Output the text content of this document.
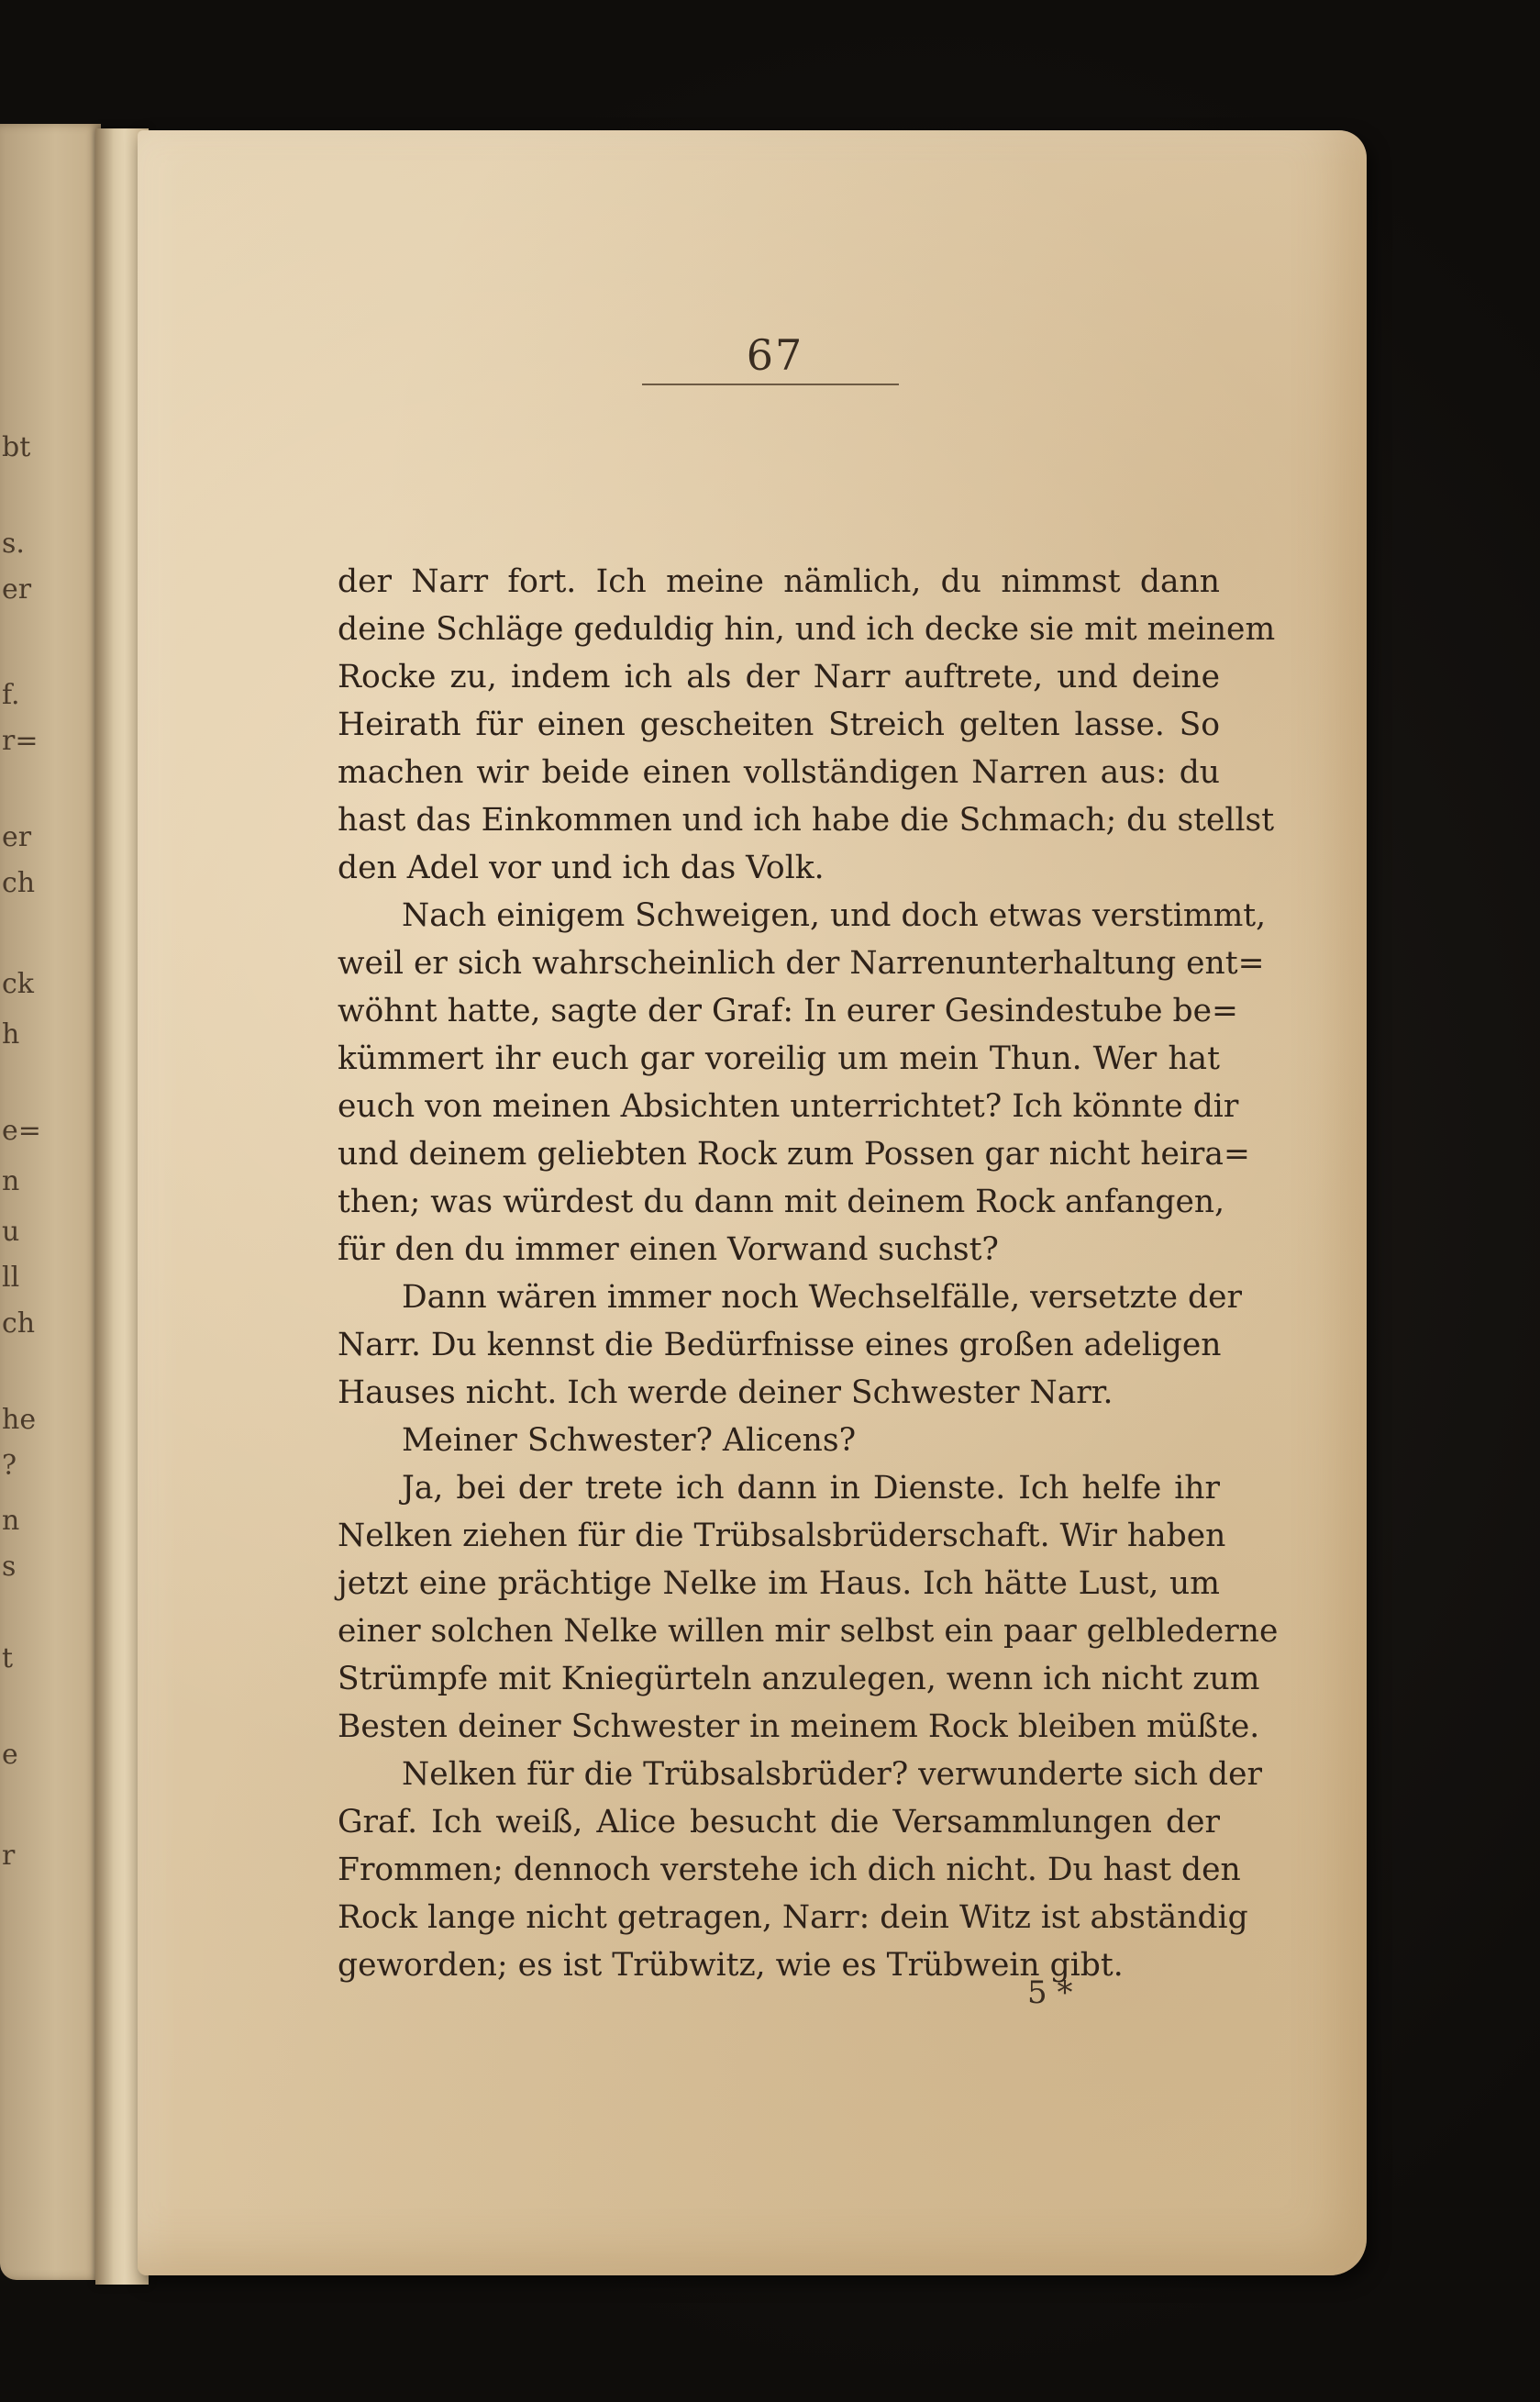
bt
s.
er
f.
r=
er
ch
ck
h
e=
n
u
ll
ch
he
?
n
s
t
e
r
67
der Narr fort. Ich meine nämlich, du nimmst dann
deine Schläge geduldig hin, und ich decke sie mit meinem
Rocke zu, indem ich als der Narr auftrete, und deine
Heirath für einen gescheiten Streich gelten lasse. So
machen wir beide einen vollständigen Narren aus: du
hast das Einkommen und ich habe die Schmach; du stellst
den Adel vor und ich das Volk.
Nach einigem Schweigen, und doch etwas verstimmt,
weil er sich wahrscheinlich der Narrenunterhaltung ent=
wöhnt hatte, sagte der Graf: In eurer Gesindestube be=
kümmert ihr euch gar voreilig um mein Thun. Wer hat
euch von meinen Absichten unterrichtet? Ich könnte dir
und deinem geliebten Rock zum Possen gar nicht heira=
then; was würdest du dann mit deinem Rock anfangen,
für den du immer einen Vorwand suchst?
Dann wären immer noch Wechselfälle, versetzte der
Narr. Du kennst die Bedürfnisse eines großen adeligen
Hauses nicht. Ich werde deiner Schwester Narr.
Meiner Schwester? Alicens?
Ja, bei der trete ich dann in Dienste. Ich helfe ihr
Nelken ziehen für die Trübsalsbrüderschaft. Wir haben
jetzt eine prächtige Nelke im Haus. Ich hätte Lust, um
einer solchen Nelke willen mir selbst ein paar gelblederne
Strümpfe mit Kniegürteln anzulegen, wenn ich nicht zum
Besten deiner Schwester in meinem Rock bleiben müßte.
Nelken für die Trübsalsbrüder? verwunderte sich der
Graf. Ich weiß, Alice besucht die Versammlungen der
Frommen; dennoch verstehe ich dich nicht. Du hast den
Rock lange nicht getragen, Narr: dein Witz ist abständig
geworden; es ist Trübwitz, wie es Trübwein gibt.
5 *
